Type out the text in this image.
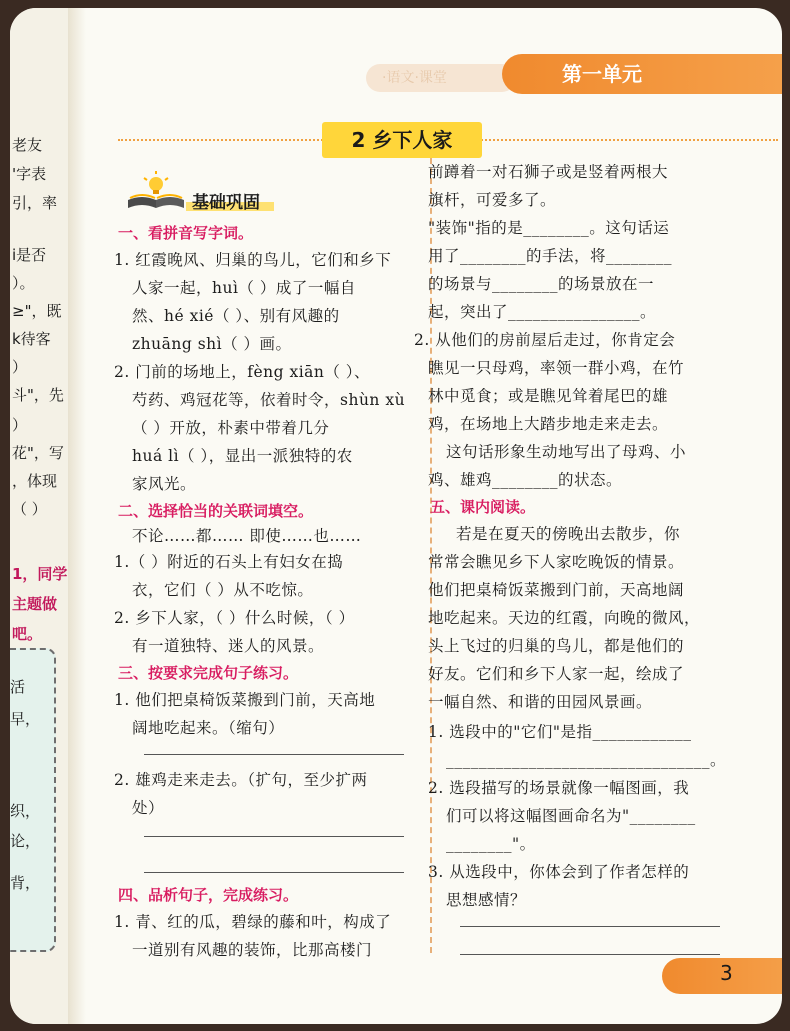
老友
'字表
引，率
i是否
）。
≥"，既
k待客
）
斗"，先
）
花"，写
，体现
（ ）
1，同学
主题做
吧。
活
早，
织，
论，
背，
·语文·课堂	第一单元
2 乡下人家
基础巩固
一、看拼音写字词。
1. 红霞晚风、归巢的鸟儿，它们和乡下
人家一起，huì（ ）成了一幅自
然、hé xié（ ）、别有风趣的
zhuāng shì（ ）画。
2. 门前的场地上，fèng xiān（ ）、
芍药、鸡冠花等，依着时令，shùn xù
（ ）开放，朴素中带着几分
huá lì（ ），显出一派独特的农
家风光。
二、选择恰当的关联词填空。
不论……都…… 即使……也……
1.（ ）附近的石头上有妇女在捣
衣，它们（ ）从不吃惊。
2. 乡下人家，（ ）什么时候，（ ）
有一道独特、迷人的风景。
三、按要求完成句子练习。
1. 他们把桌椅饭菜搬到门前，天高地
阔地吃起来。（缩句）
2. 雄鸡走来走去。（扩句，至少扩两
处）
四、品析句子，完成练习。
1. 青、红的瓜，碧绿的藤和叶，构成了
一道别有风趣的装饰，比那高楼门
前蹲着一对石狮子或是竖着两根大
旗杆，可爱多了。
"装饰"指的是________。这句话运
用了________的手法，将________
的场景与________的场景放在一
起，突出了________________。
2. 从他们的房前屋后走过，你肯定会
瞧见一只母鸡，率领一群小鸡，在竹
林中觅食；或是瞧见耸着尾巴的雄
鸡，在场地上大踏步地走来走去。
这句话形象生动地写出了母鸡、小
鸡、雄鸡________的状态。
五、课内阅读。
若是在夏天的傍晚出去散步，你
常常会瞧见乡下人家吃晚饭的情景。
他们把桌椅饭菜搬到门前，天高地阔
地吃起来。天边的红霞，向晚的微风，
头上飞过的归巢的鸟儿，都是他们的
好友。它们和乡下人家一起，绘成了
一幅自然、和谐的田园风景画。
1. 选段中的"它们"是指____________
________________________________。
2. 选段描写的场景就像一幅图画，我
们可以将这幅图画命名为"________
________"。
3. 从选段中，你体会到了作者怎样的
思想感情？
3
